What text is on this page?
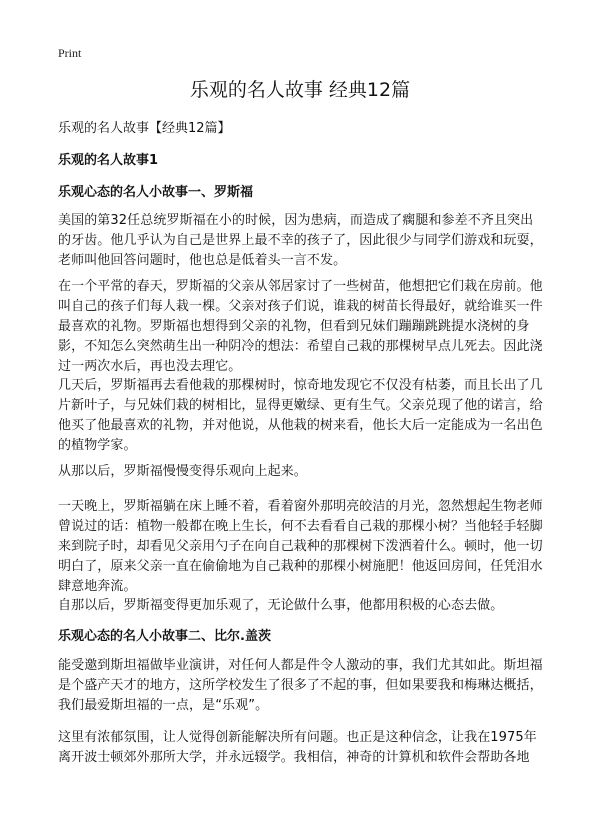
Print
乐观的名人故事 经典12篇
乐观的名人故事【经典12篇】
乐观的名人故事1
乐观心态的名人小故事一、罗斯福
美国的第32任总统罗斯福在小的时候，因为患病，而造成了瘸腿和参差不齐且突出的牙齿。他几乎认为自己是世界上最不幸的孩子了，因此很少与同学们游戏和玩耍，老师叫他回答问题时，他也总是低着头一言不发。
在一个平常的春天，罗斯福的父亲从邻居家讨了一些树苗，他想把它们栽在房前。他叫自己的孩子们每人栽一棵。父亲对孩子们说，谁栽的树苗长得最好，就给谁买一件最喜欢的礼物。罗斯福也想得到父亲的礼物，但看到兄妹们蹦蹦跳跳提水浇树的身影，不知怎么突然萌生出一种阴冷的想法：希望自己栽的那棵树早点儿死去。因此浇过一两次水后，再也没去理它。
几天后，罗斯福再去看他栽的那棵树时，惊奇地发现它不仅没有枯萎，而且长出了几片新叶子，与兄妹们栽的树相比，显得更嫩绿、更有生气。父亲兑现了他的诺言，给他买了他最喜欢的礼物，并对他说，从他栽的树来看，他长大后一定能成为一名出色的植物学家。
从那以后，罗斯福慢慢变得乐观向上起来。
一天晚上，罗斯福躺在床上睡不着，看着窗外那明亮皎洁的月光，忽然想起生物老师曾说过的话：植物一般都在晚上生长，何不去看看自己栽的那棵小树？当他轻手轻脚来到院子时，却看见父亲用勺子在向自己栽种的那棵树下泼洒着什么。顿时，他一切明白了，原来父亲一直在偷偷地为自己栽种的那棵小树施肥！他返回房间，任凭泪水肆意地奔流。
自那以后，罗斯福变得更加乐观了，无论做什么事，他都用积极的心态去做。
乐观心态的名人小故事二、比尔.盖茨
能受邀到斯坦福做毕业演讲，对任何人都是件令人激动的事，我们尤其如此。斯坦福是个盛产天才的地方，这所学校发生了很多了不起的事，但如果要我和梅琳达概括，我们最爱斯坦福的一点，是“乐观”。
这里有浓郁氛围，让人觉得创新能解决所有问题。也正是这种信念，让我在1975年离开波士顿郊外那所大学，并永远辍学。我相信，神奇的计算机和软件会帮助各地
